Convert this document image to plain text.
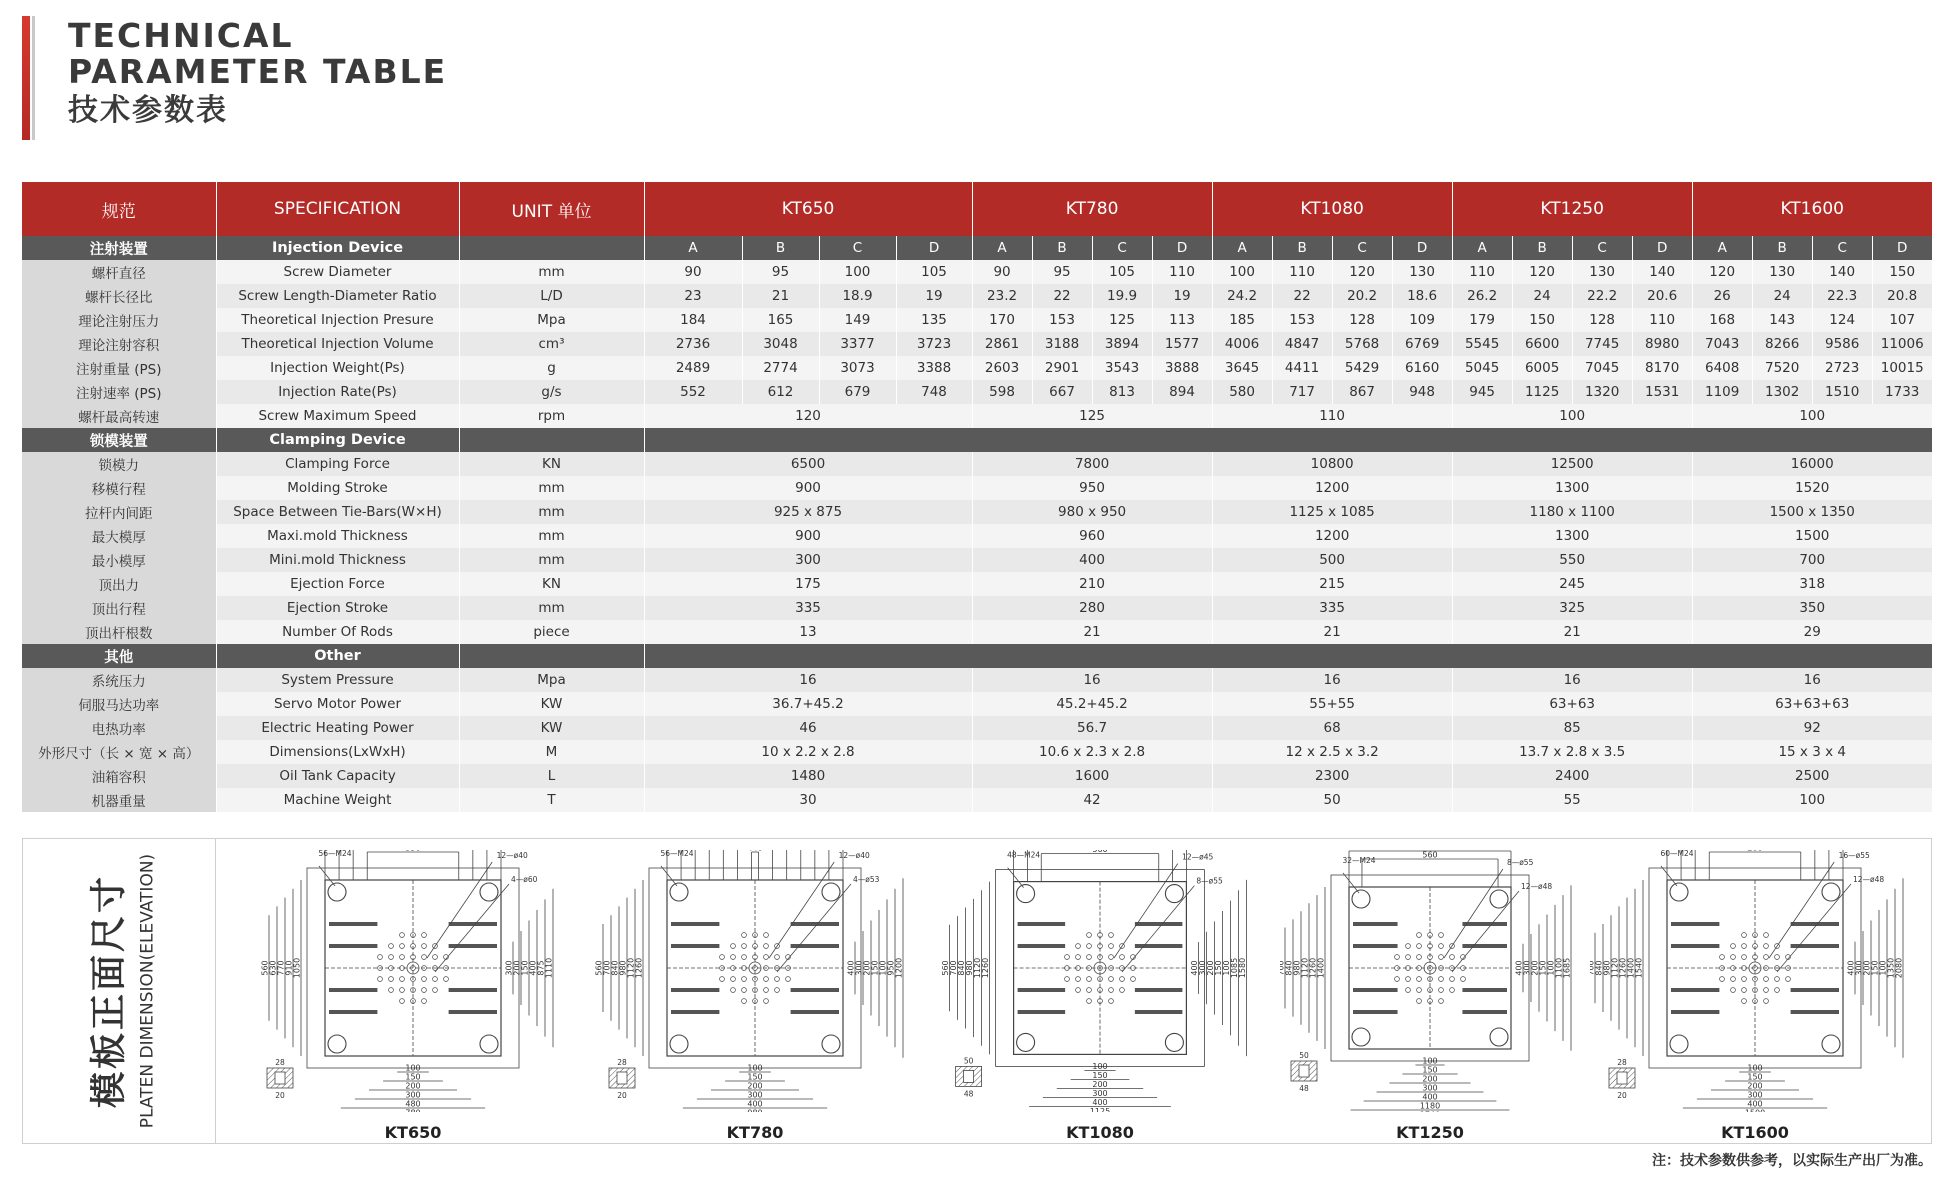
TECHNICAL
PARAMETER TABLE
技术参数表
规范	SPECIFICATION	UNIT 单位	KT650				KT780				KT1080				KT1250				KT1600			
注射装置	Injection Device		A	B	C	D	A	B	C	D	A	B	C	D	A	B	C	D	A	B	C	D
螺杆直径	Screw Diameter	mm	90	95	100	105	90	95	105	110	100	110	120	130	110	120	130	140	120	130	140	150
螺杆长径比	Screw Length-Diameter Ratio	L/D	23	21	18.9	19	23.2	22	19.9	19	24.2	22	20.2	18.6	26.2	24	22.2	20.6	26	24	22.3	20.8
理论注射压力	Theoretical Injection Presure	Mpa	184	165	149	135	170	153	125	113	185	153	128	109	179	150	128	110	168	143	124	107
理论注射容积	Theoretical Injection Volume	cm³	2736	3048	3377	3723	2861	3188	3894	1577	4006	4847	5768	6769	5545	6600	7745	8980	7043	8266	9586	11006
注射重量 (PS)	Injection Weight(Ps)	g	2489	2774	3073	3388	2603	2901	3543	3888	3645	4411	5429	6160	5045	6005	7045	8170	6408	7520	2723	10015
注射速率 (PS)	Injection Rate(Ps)	g/s	552	612	679	748	598	667	813	894	580	717	867	948	945	1125	1320	1531	1109	1302	1510	1733
螺杆最高转速	Screw Maximum Speed	rpm	120				125				110				100				100			
锁模装置	Clamping Device																					
锁模力	Clamping Force	KN	6500				7800				10800				12500				16000			
移模行程	Molding Stroke	mm	900				950				1200				1300				1520			
拉杆内间距	Space Between Tie-Bars(W×H)	mm	925 x 875				980 x 950				1125 x 1085				1180 x 1100				1500 x 1350			
最大模厚	Maxi.mold Thickness	mm	900				960				1200				1300				1500			
最小模厚	Mini.mold Thickness	mm	300				400				500				550				700			
顶出力	Ejection Force	KN	175				210				215				245				318			
顶出行程	Ejection Stroke	mm	335				280				335				325				350			
顶出杆根数	Number Of Rods	piece	13				21				21				21				29			
其他	Other																					
系统压力	System Pressure	Mpa	16				16				16				16				16			
伺服马达功率	Servo Motor Power	KW	36.7+45.2				45.2+45.2				55+55				63+63				63+63+63			
电热功率	Electric Heating Power	KW	46				56.7				68				85				92			
外形尺寸（长 × 宽 × 高）	Dimensions(LxWxH)	M	10 x 2.2 x 2.8				10.6 x 2.3 x 2.8				12 x 2.5 x 3.2				13.7 x 2.8 x 3.5				15 x 3 x 4			
油箱容积	Oil Tank Capacity	L	1480				1600				2300				2400				2500			
机器重量	Machine Weight	T	30				42				50				55				100			
模板正面尺寸 PLATEN DIMENSION(ELEVATION)	100
150
200
300
480
1050
910
770
630
560	300 200 150 400 875 1110
56—M24	12—ø40
4—ø60
28
20
KT650
100
150
200
300
400
1260
1120
980
840
700
560	400 300 200 150 100 950 1200
56—M24	12—ø40
4—ø53
28
20
KT780
100
150
200
300
400
1125
1260
1120
980
840
700
560	400 300 200 150 100 1085 1580
48—M24	12—ø45
8—ø55
50
48
KT1080
560
100
150
200
300
400
1180
1400
1260
1120
980
840
700	400 300 200 150 100 1100 1685
32—M24	8—ø55
12—ø48
50
48
KT1250
100
150
200
300
400
1540
1400
1260
1120
980
840
700	400 300 200 150 100 1350 2080
60—M24	16—ø55
12—ø48
28
20
KT1600
注：技术参数供参考，以实际生产出厂为准。
